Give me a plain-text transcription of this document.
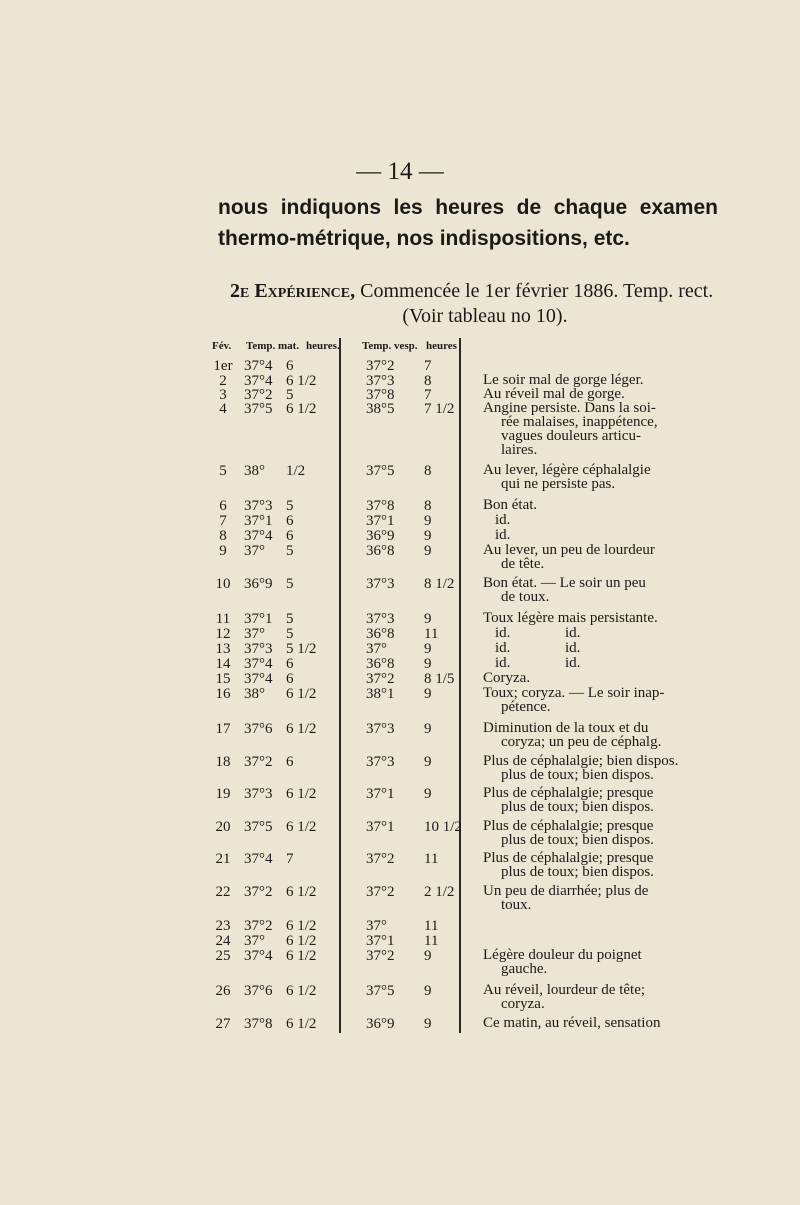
— 14 —
nous indiquons les heures de chaque examen thermo-métrique, nos indispositions, etc.
2e Expérience, Commencée le 1er février 1886. Temp. rect.
(Voir tableau no 10).
Fév. Temp. mat. heures. Temp. vesp. heures
1er 37°4 6	37°2 7
2	37°4 6 1/2	37°3 8	Le soir mal de gorge léger.
3	37°2 5	37°8 7	Au réveil mal de gorge.
4	37°5 6 1/2	38°5 7 1/2 Angine persiste. Dans la soi-
rée malaises, inappétence,
vagues douleurs articu-
laires.
5	38° 1/2	37°5 8	Au lever, légère céphalalgie
qui ne persiste pas.
6	37°3 5	37°8 8	Bon état.
7	37°1 6	37°1 9	id.
8	37°4 6	36°9 9	id.
9	37° 5	36°8 9	Au lever, un peu de lourdeur
de tête.
10 36°9 5	37°3 8 1/2 Bon état. — Le soir un peu
de toux.
11 37°1 5	37°3 9	Toux légère mais persistante.
12 37° 5	36°8 11	id.	id.
13 37°3 5 1/2	37° 9	id.	id.
14 37°4 6	36°8 9	id.	id.
15 37°4 6	37°2 8 1/5 Coryza.
16 38° 6 1/2	38°1 9	Toux; coryza. — Le soir inap-
pétence.
17 37°6 6 1/2	37°3 9	Diminution de la toux et du
coryza; un peu de céphalg.
18 37°2 6	37°3 9	Plus de céphalalgie; bien dispos.
plus de toux; bien dispos.
19 37°3 6 1/2	37°1 9	Plus de céphalalgie; presque
plus de toux; bien dispos.
20 37°5 6 1/2	37°1 10 1/2 Plus de céphalalgie; presque
plus de toux; bien dispos.
21 37°4 7	37°2 11	Plus de céphalalgie; presque
plus de toux; bien dispos.
22 37°2 6 1/2	37°2 2 1/2 Un peu de diarrhée; plus de
toux.
23 37°2 6 1/2	37° 11
24 37° 6 1/2	37°1 11
25 37°4 6 1/2	37°2 9	Légère douleur du poignet
gauche.
26 37°6 6 1/2	37°5 9	Au réveil, lourdeur de tête;
coryza.
27 37°8 6 1/2	36°9 9	Ce matin, au réveil, sensation
